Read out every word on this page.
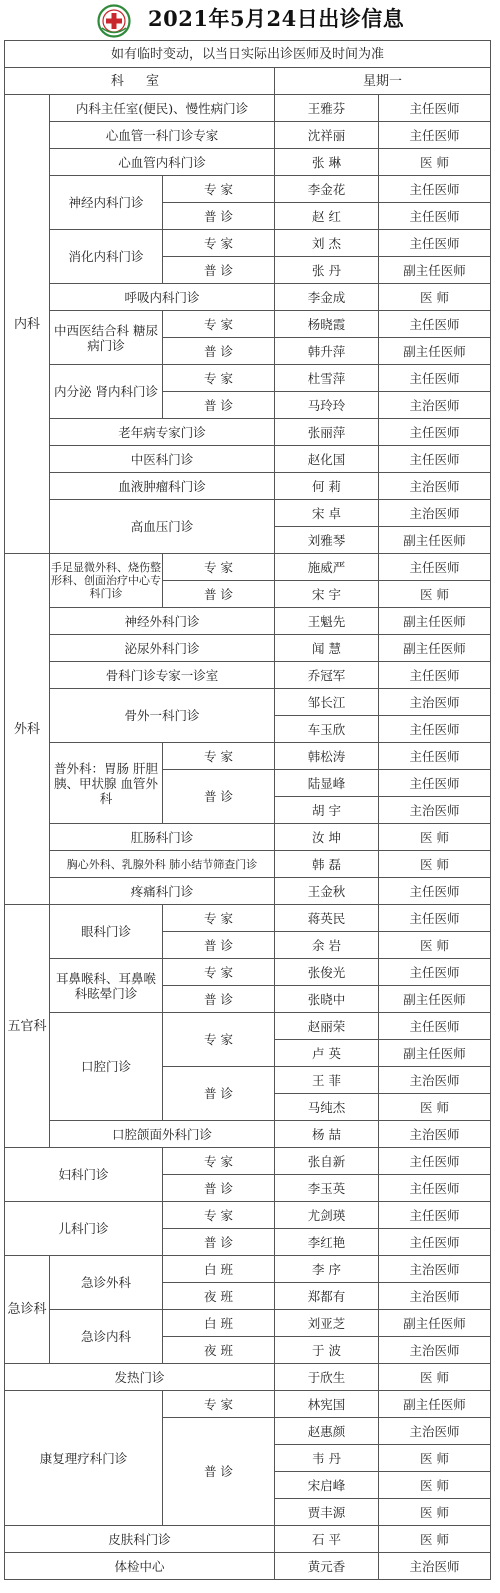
2021年5月24日出诊信息
如有临时变动，以当日实际出诊医师及时间为准				
科 室			星期一	
内科	内科主任室(便民)、慢性病门诊		王雅芬	主任医师
	心血管一科门诊专家		沈祥丽	主任医师
	心血管内科门诊		张 琳	医 师
	神经内科门诊	专 家	李金花	主任医师
		普 诊	赵 红	主任医师
	消化内科门诊	专 家	刘 杰	主任医师
		普 诊	张 丹	副主任医师
	呼吸内科门诊		李金成	医 师
	中西医结合科 糖尿病门诊	专 家	杨晓霞	主任医师
		普 诊	韩升萍	副主任医师
	内分泌 肾内科门诊	专 家	杜雪萍	主任医师
		普 诊	马玲玲	主治医师
	老年病专家门诊		张丽萍	主任医师
	中医科门诊		赵化国	主任医师
	血液肿瘤科门诊		何 莉	主治医师
	高血压门诊		宋 卓	主治医师
			刘雅琴	副主任医师
外科	手足显微外科、烧伤整形科、创面治疗中心专科门诊	专 家	施威严	主任医师
		普 诊	宋 宇	医 师
	神经外科门诊		王魁先	副主任医师
	泌尿外科门诊		闻 慧	副主任医师
	骨科门诊专家一诊室		乔冠军	主任医师
	骨外一科门诊		邹长江	主治医师
			车玉欣	主任医师
	普外科：胃肠 肝胆胰、甲状腺 血管外科	专 家	韩松涛	主任医师
		普 诊	陆显峰	主任医师
			胡 宇	主治医师
	肛肠科门诊		汝 坤	医 师
	胸心外科、乳腺外科 肺小结节筛查门诊		韩 磊	医 师
	疼痛科门诊		王金秋	主任医师
五官科	眼科门诊	专 家	蒋英民	主任医师
		普 诊	余 岩	医 师
	耳鼻喉科、耳鼻喉 科眩晕门诊	专 家	张俊光	主任医师
		普 诊	张晓中	副主任医师
	口腔门诊	专 家	赵丽荣	主任医师
			卢 英	副主任医师
		普 诊	王 菲	主治医师
			马纯杰	医 师
	口腔颌面外科门诊		杨 喆	主治医师
妇科门诊		专 家	张自新	主任医师
		普 诊	李玉英	主任医师
儿科门诊		专 家	尤剑瑛	主任医师
		普 诊	李红艳	主任医师
急诊科	急诊外科	白 班	李 序	主治医师
		夜 班	郑都有	主治医师
	急诊内科	白 班	刘亚芝	副主任医师
		夜 班	于 波	主治医师
发热门诊			于欣生	医 师
康复理疗科门诊		专 家	林宪国	副主任医师
		普 诊	赵惠颜	主治医师
			韦 丹	医 师
			宋启峰	医 师
			贾丰源	医 师
皮肤科门诊			石 平	医 师
体检中心			黄元香	主治医师
